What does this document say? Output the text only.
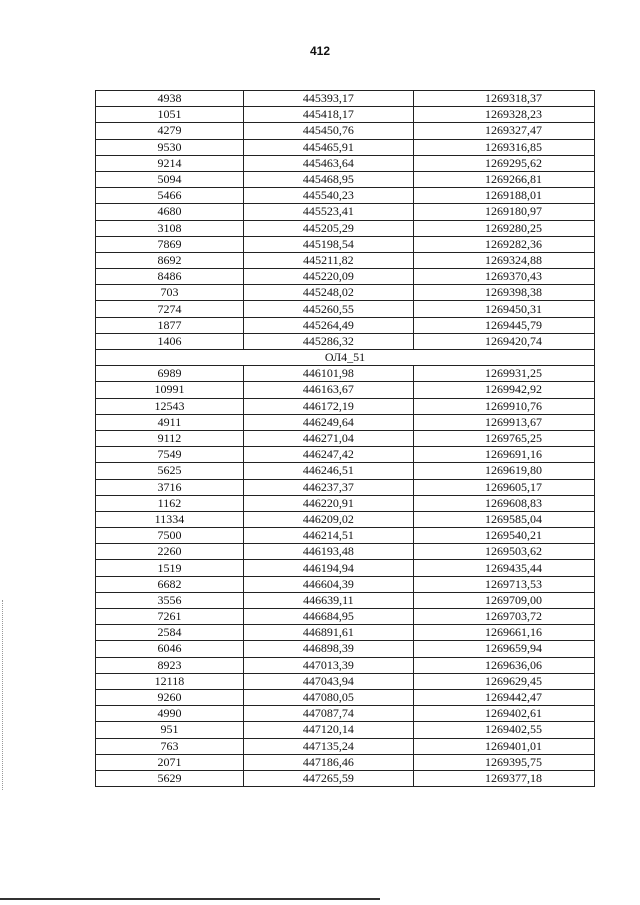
412
4938	445393,17	1269318,37
1051	445418,17	1269328,23
4279	445450,76	1269327,47
9530	445465,91	1269316,85
9214	445463,64	1269295,62
5094	445468,95	1269266,81
5466	445540,23	1269188,01
4680	445523,41	1269180,97
3108	445205,29	1269280,25
7869	445198,54	1269282,36
8692	445211,82	1269324,88
8486	445220,09	1269370,43
703	445248,02	1269398,38
7274	445260,55	1269450,31
1877	445264,49	1269445,79
1406	445286,32	1269420,74
ОЛ4_51		
6989	446101,98	1269931,25
10991	446163,67	1269942,92
12543	446172,19	1269910,76
4911	446249,64	1269913,67
9112	446271,04	1269765,25
7549	446247,42	1269691,16
5625	446246,51	1269619,80
3716	446237,37	1269605,17
1162	446220,91	1269608,83
11334	446209,02	1269585,04
7500	446214,51	1269540,21
2260	446193,48	1269503,62
1519	446194,94	1269435,44
6682	446604,39	1269713,53
3556	446639,11	1269709,00
7261	446684,95	1269703,72
2584	446891,61	1269661,16
6046	446898,39	1269659,94
8923	447013,39	1269636,06
12118	447043,94	1269629,45
9260	447080,05	1269442,47
4990	447087,74	1269402,61
951	447120,14	1269402,55
763	447135,24	1269401,01
2071	447186,46	1269395,75
5629	447265,59	1269377,18
